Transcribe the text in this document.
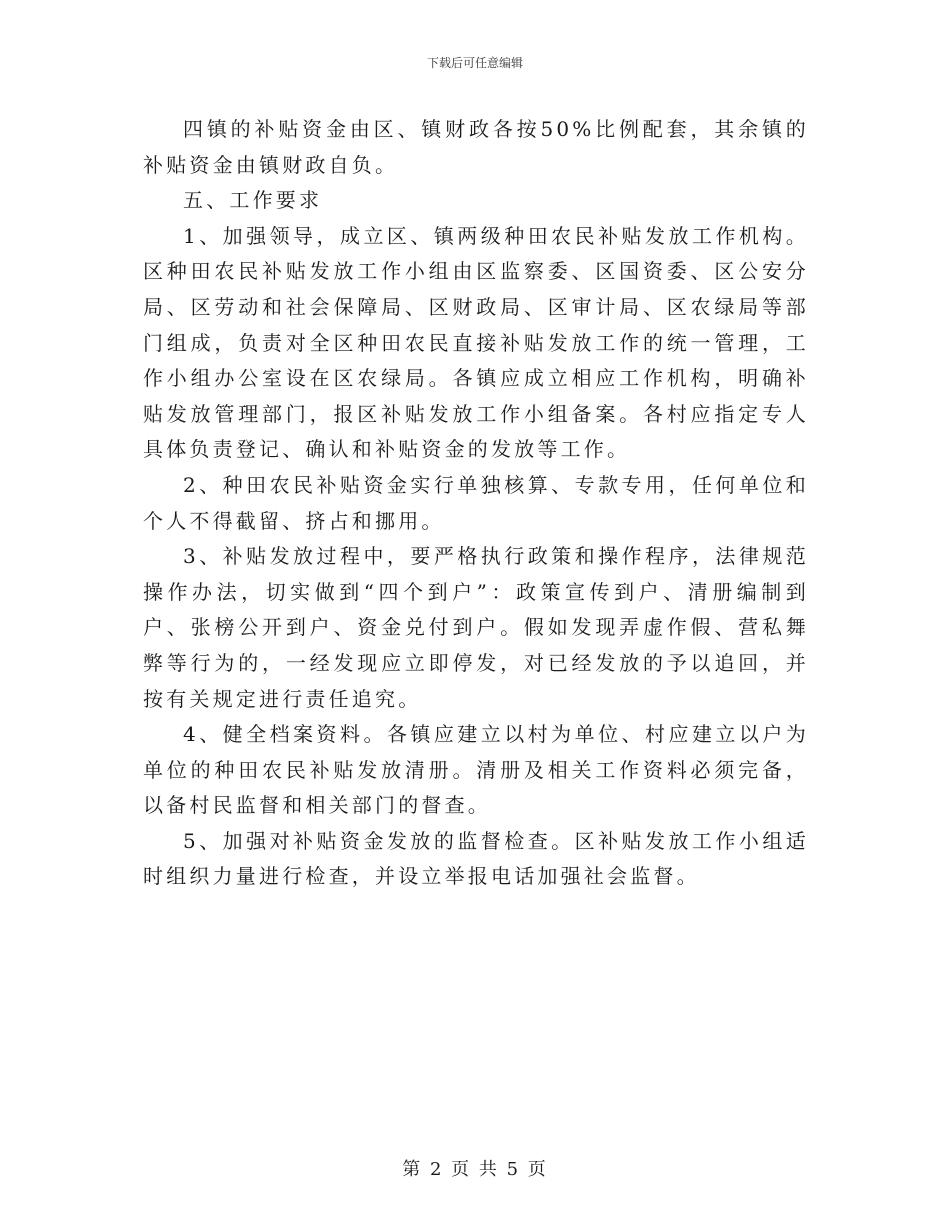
下载后可任意编辑

四镇的补贴资金由区、镇财政各按50%比例配套，其余镇的补贴资金由镇财政自负。

五、工作要求

1、加强领导，成立区、镇两级种田农民补贴发放工作机构。区种田农民补贴发放工作小组由区监察委、区国资委、区公安分局、区劳动和社会保障局、区财政局、区审计局、区农绿局等部门组成，负责对全区种田农民直接补贴发放工作的统一管理，工作小组办公室设在区农绿局。各镇应成立相应工作机构，明确补贴发放管理部门，报区补贴发放工作小组备案。各村应指定专人具体负责登记、确认和补贴资金的发放等工作。

2、种田农民补贴资金实行单独核算、专款专用，任何单位和个人不得截留、挤占和挪用。

3、补贴发放过程中，要严格执行政策和操作程序，法律规范操作办法，切实做到“四个到户”：政策宣传到户、清册编制到户、张榜公开到户、资金兑付到户。假如发现弄虚作假、营私舞弊等行为的，一经发现应立即停发，对已经发放的予以追回，并按有关规定进行责任追究。

4、健全档案资料。各镇应建立以村为单位、村应建立以户为单位的种田农民补贴发放清册。清册及相关工作资料必须完备，以备村民监督和相关部门的督查。

5、加强对补贴资金发放的监督检查。区补贴发放工作小组适时组织力量进行检查，并设立举报电话加强社会监督。

第 2 页 共 5 页
